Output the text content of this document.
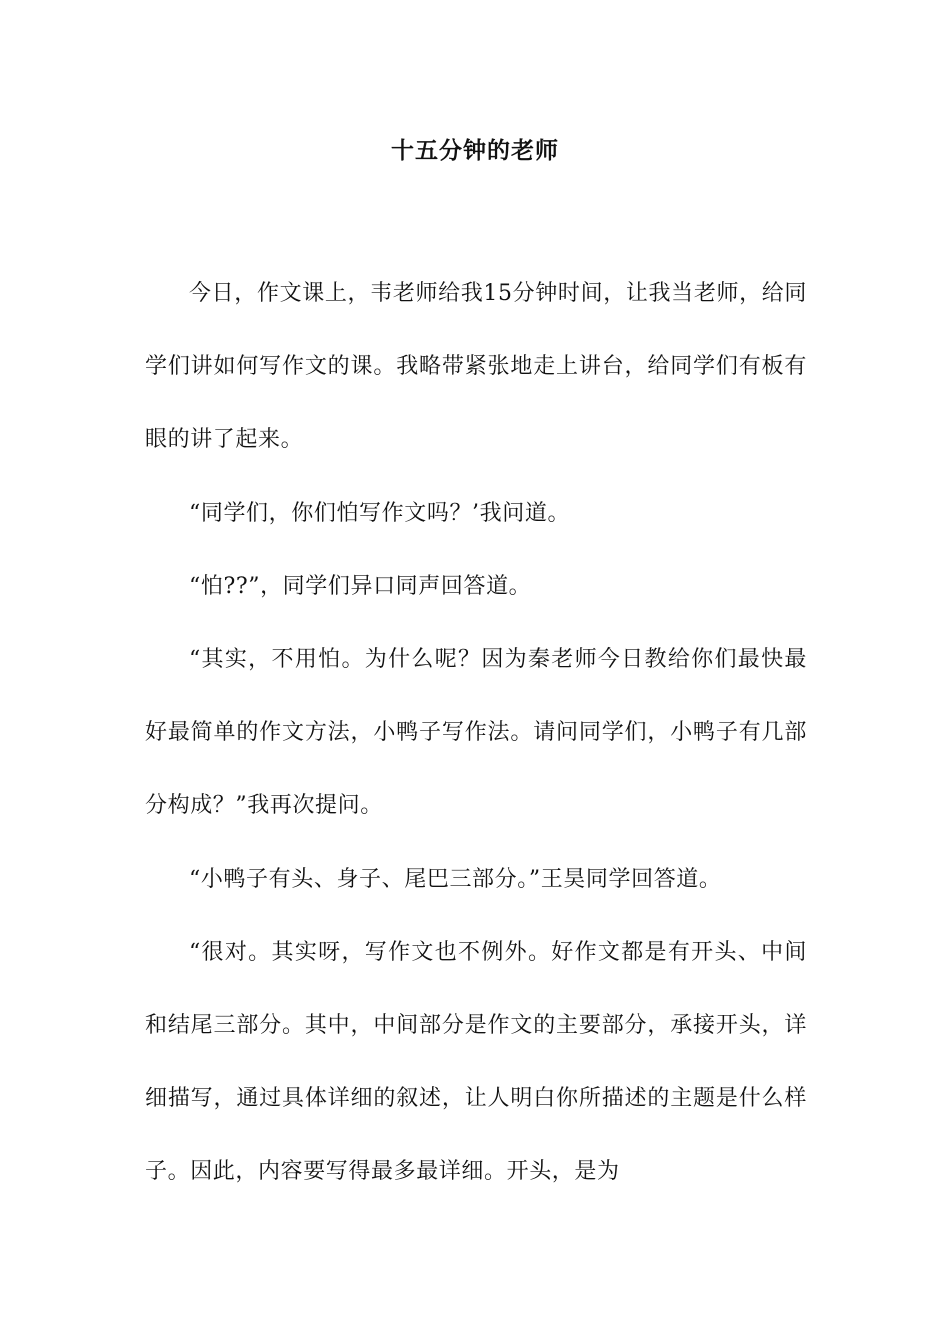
十五分钟的老师

今日，作文课上，韦老师给我15分钟时间，让我当老师，给同学们讲如何写作文的课。我略带紧张地走上讲台，给同学们有板有眼的讲了起来。

“同学们，你们怕写作文吗？’我问道。

“怕??”，同学们异口同声回答道。

“其实，不用怕。为什么呢？因为秦老师今日教给你们最快最好最简单的作文方法，小鸭子写作法。请问同学们，小鸭子有几部分构成？”我再次提问。

“小鸭子有头、身子、尾巴三部分。”王昊同学回答道。

“很对。其实呀，写作文也不例外。好作文都是有开头、中间和结尾三部分。其中，中间部分是作文的主要部分，承接开头，详细描写，通过具体详细的叙述，让人明白你所描述的主题是什么样子。因此，内容要写得最多最详细。开头，是为
